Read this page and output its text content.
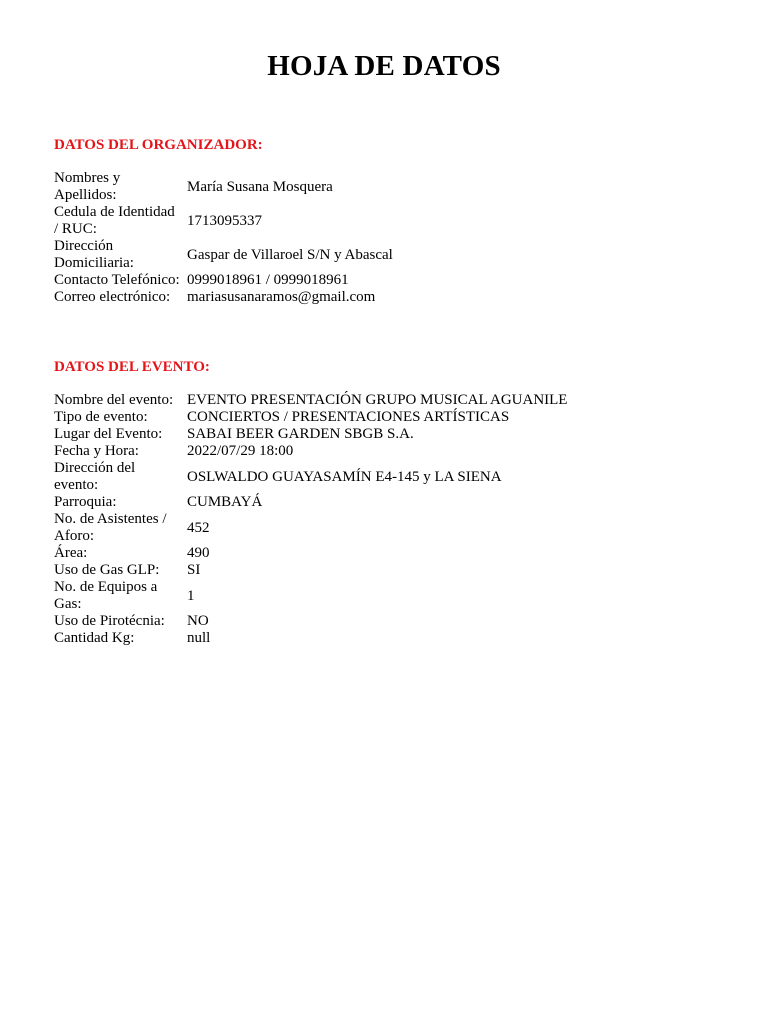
HOJA DE DATOS
DATOS DEL ORGANIZADOR:
Nombres y Apellidos:	María Susana Mosquera

Cedula de Identidad / RUC:	1713095337

Dirección Domiciliaria:	Gaspar de Villaroel S/N y Abascal

Contacto Telefónico:	0999018961 / 0999018961

Correo electrónico:	mariasusanaramos@gmail.com
DATOS DEL EVENTO:
Nombre del evento:	EVENTO PRESENTACIÓN GRUPO MUSICAL AGUANILE

Tipo de evento:	CONCIERTOS / PRESENTACIONES ARTÍSTICAS

Lugar del Evento:	SABAI BEER GARDEN SBGB S.A.

Fecha y Hora:	2022/07/29 18:00

Dirección del evento:	OSLWALDO GUAYASAMÍN E4-145 y LA SIENA

Parroquia:	CUMBAYÁ

No. de Asistentes / Aforo:	452

Área:	490

Uso de Gas GLP:	SI

No. de Equipos a Gas:	1

Uso de Pirotécnia:	NO

Cantidad Kg:	null
